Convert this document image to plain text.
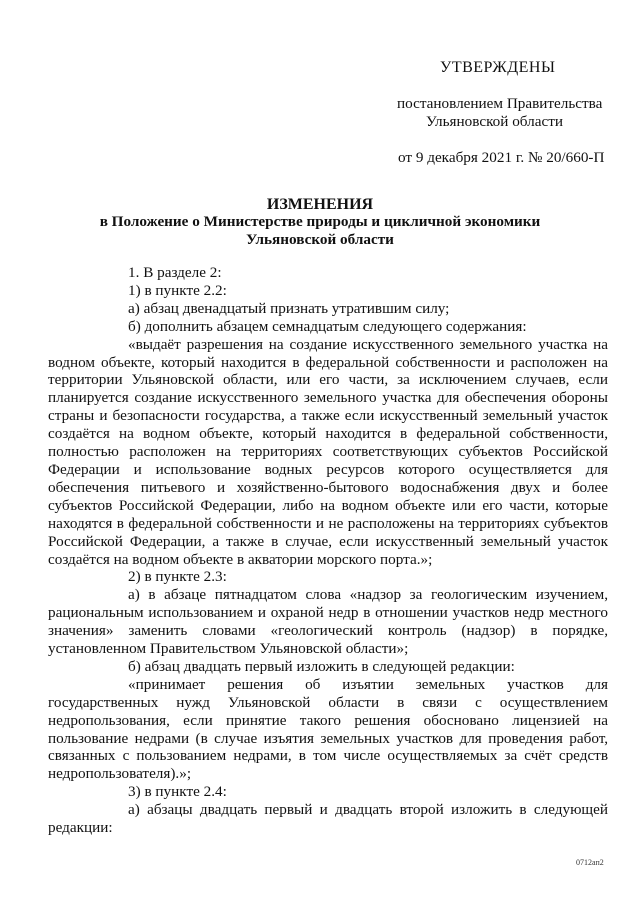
УТВЕРЖДЕНЫ
постановлением Правительства
Ульяновской области
от 9 декабря 2021 г. № 20/660-П
ИЗМЕНЕНИЯ
в Положение о Министерстве природы и цикличной экономики
Ульяновской области

1. В разделе 2:

1) в пункте 2.2:

а) абзац двенадцатый признать утратившим силу;

б) дополнить абзацем семнадцатым следующего содержания:

«выдаёт разрешения на создание искусственного земельного участка на водном объекте, который находится в федеральной собственности и расположен на территории Ульяновской области, или его части, за исключением случаев, если планируется создание искусственного земельного участка для обеспечения обороны страны и безопасности государства, а также если искусственный земельный участок создаётся на водном объекте, который находится в федеральной собственности, полностью расположен на территориях соответствующих субъектов Российской Федерации и использование водных ресурсов которого осуществляется для обеспечения питьевого и хозяйственно-бытового водоснабжения двух и более субъектов Российской Федерации, либо на водном объекте или его части, которые находятся в федеральной собственности и не расположены на территориях субъектов Российской Федерации, а также в случае, если искусственный земельный участок создаётся на водном объекте в акватории морского порта.»;

2) в пункте 2.3:

а) в абзаце пятнадцатом слова «надзор за геологическим изучением, рациональным использованием и охраной недр в отношении участков недр местного значения» заменить словами «геологический контроль (надзор) в порядке, установленном Правительством Ульяновской области»;

б) абзац двадцать первый изложить в следующей редакции:

«принимает решения об изъятии земельных участков для государственных нужд Ульяновской области в связи с осуществлением недропользования, если принятие такого решения обосновано лицензией на пользование недрами (в случае изъятия земельных участков для проведения работ, связанных с пользованием недрами, в том числе осуществляемых за счёт средств недропользователя).»;

3) в пункте 2.4:

а) абзацы двадцать первый и двадцать второй изложить в следующей редакции:

0712ап2
